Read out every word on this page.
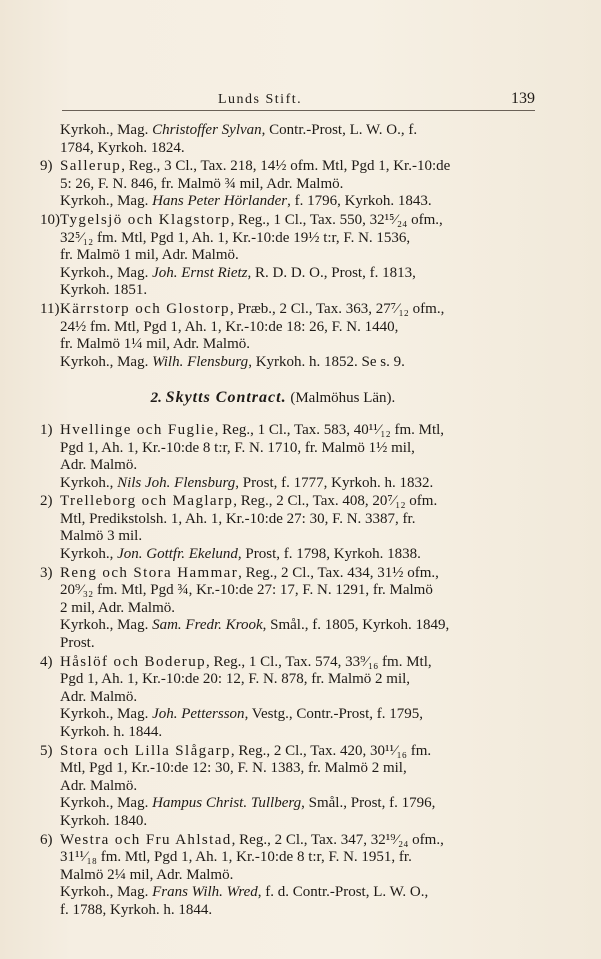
Lunds Stift.	139
Kyrkoh., Mag. Christoffer Sylvan, Contr.-Prost, L. W. O., f.
1784, Kyrkoh. 1824.
9) Sallerup, Reg., 3 Cl., Tax. 218, 14½ ofm. Mtl, Pgd 1, Kr.-10:de
5: 26, F. N. 846, fr. Malmö ¾ mil, Adr. Malmö.
Kyrkoh., Mag. Hans Peter Hörlander, f. 1796, Kyrkoh. 1843.
10)Tygelsjö och Klagstorp, Reg., 1 Cl., Tax. 550, 32¹⁵⁄₂₄ ofm.,
32⁵⁄₁₂ fm. Mtl, Pgd 1, Ah. 1, Kr.-10:de 19½ t:r, F. N. 1536,
fr. Malmö 1 mil, Adr. Malmö.
Kyrkoh., Mag. Joh. Ernst Rietz, R. D. D. O., Prost, f. 1813,
Kyrkoh. 1851.
11)Kärrstorp och Glostorp, Præb., 2 Cl., Tax. 363, 27⁷⁄₁₂ ofm.,
24½ fm. Mtl, Pgd 1, Ah. 1, Kr.-10:de 18: 26, F. N. 1440,
fr. Malmö 1¼ mil, Adr. Malmö.
Kyrkoh., Mag. Wilh. Flensburg, Kyrkoh. h. 1852. Se s. 9.
2. Skytts Contract. (Malmöhus Län).
1) Hvellinge och Fuglie, Reg., 1 Cl., Tax. 583, 40¹¹⁄₁₂ fm. Mtl,
Pgd 1, Ah. 1, Kr.-10:de 8 t:r, F. N. 1710, fr. Malmö 1½ mil,
Adr. Malmö.
Kyrkoh., Nils Joh. Flensburg, Prost, f. 1777, Kyrkoh. h. 1832.
2) Trelleborg och Maglarp, Reg., 2 Cl., Tax. 408, 20⁷⁄₁₂ ofm.
Mtl, Predikstolsh. 1, Ah. 1, Kr.-10:de 27: 30, F. N. 3387, fr.
Malmö 3 mil.
Kyrkoh., Jon. Gottfr. Ekelund, Prost, f. 1798, Kyrkoh. 1838.
3) Reng och Stora Hammar, Reg., 2 Cl., Tax. 434, 31½ ofm.,
20⁹⁄₃₂ fm. Mtl, Pgd ¾, Kr.-10:de 27: 17, F. N. 1291, fr. Malmö
2 mil, Adr. Malmö.
Kyrkoh., Mag. Sam. Fredr. Krook, Smål., f. 1805, Kyrkoh. 1849,
Prost.
4) Håslöf och Boderup, Reg., 1 Cl., Tax. 574, 33⁹⁄₁₆ fm. Mtl,
Pgd 1, Ah. 1, Kr.-10:de 20: 12, F. N. 878, fr. Malmö 2 mil,
Adr. Malmö.
Kyrkoh., Mag. Joh. Pettersson, Vestg., Contr.-Prost, f. 1795,
Kyrkoh. h. 1844.
5) Stora och Lilla Slågarp, Reg., 2 Cl., Tax. 420, 30¹¹⁄₁₆ fm.
Mtl, Pgd 1, Kr.-10:de 12: 30, F. N. 1383, fr. Malmö 2 mil,
Adr. Malmö.
Kyrkoh., Mag. Hampus Christ. Tullberg, Smål., Prost, f. 1796,
Kyrkoh. 1840.
6) Westra och Fru Ahlstad, Reg., 2 Cl., Tax. 347, 32¹⁹⁄₂₄ ofm.,
31¹¹⁄₁₈ fm. Mtl, Pgd 1, Ah. 1, Kr.-10:de 8 t:r, F. N. 1951, fr.
Malmö 2¼ mil, Adr. Malmö.
Kyrkoh., Mag. Frans Wilh. Wred, f. d. Contr.-Prost, L. W. O.,
f. 1788, Kyrkoh. h. 1844.
